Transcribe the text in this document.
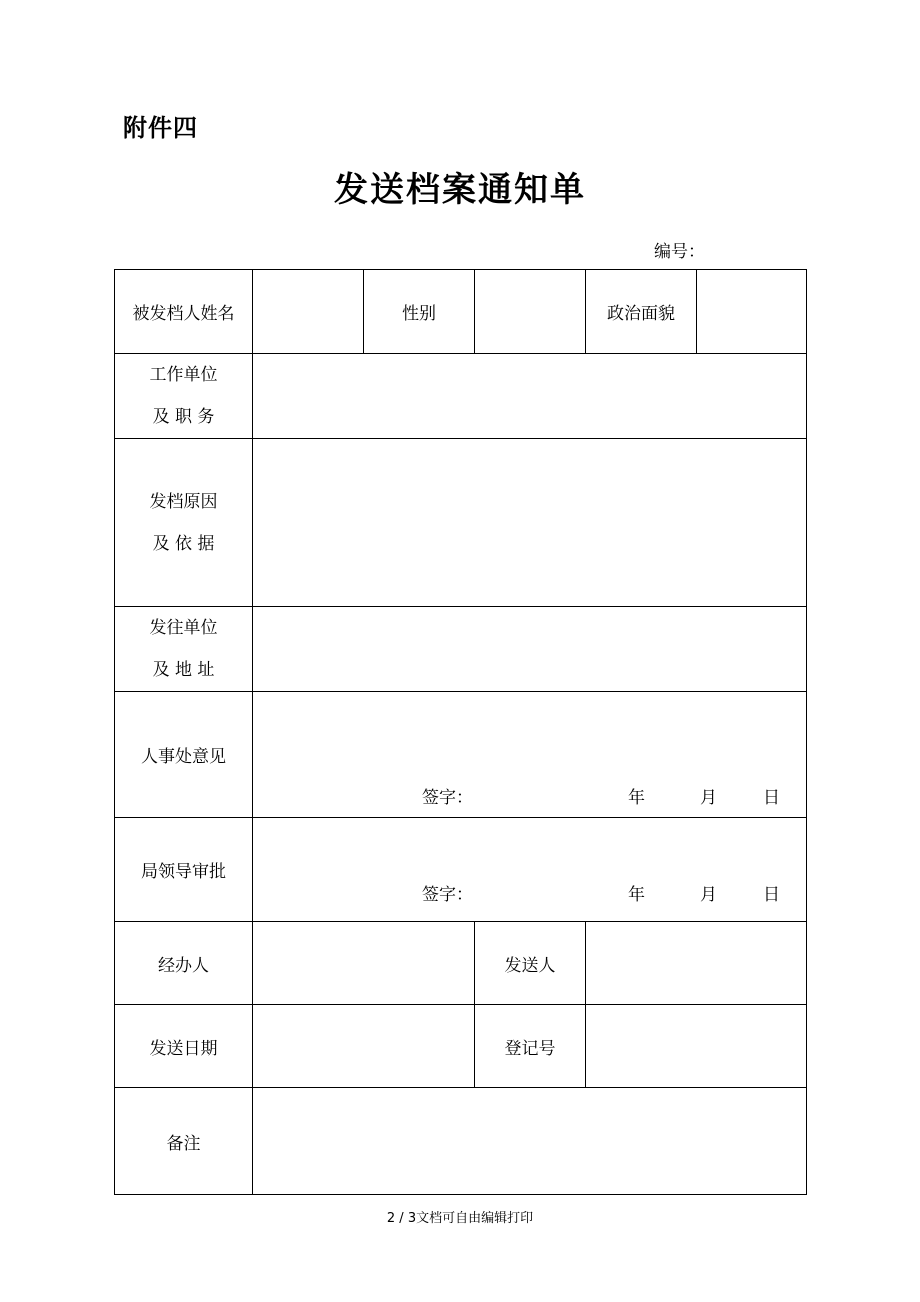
附件四
发送档案通知单
编号：
被发档人姓名		性别		政治面貌	

工作单位
及 职 务					

发档原因
及 依 据					

发往单位
及 地 址					

人事处意见	签字： 年 月 日				

局领导审批	签字： 年 月 日				

经办人			发送人		
发送日期			登记号		
备注					
2 / 3文档可自由编辑打印
